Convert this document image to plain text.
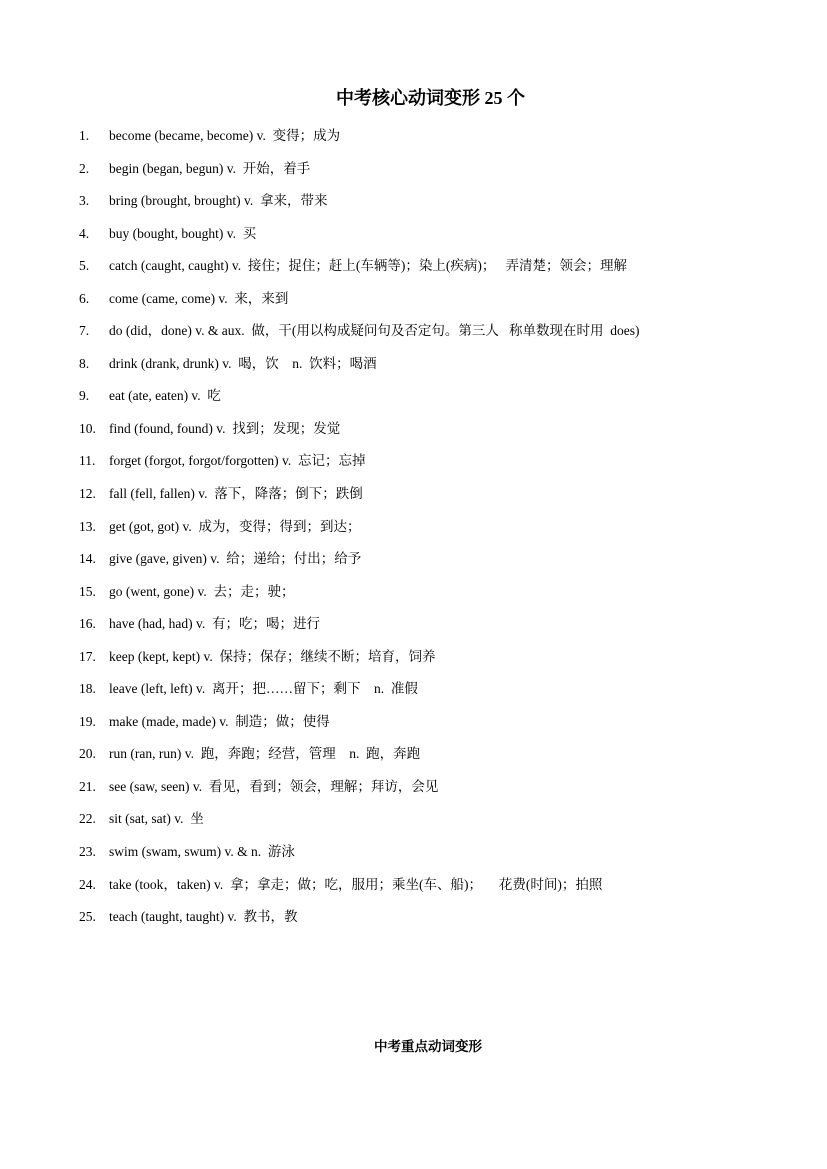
中考核心动词变形 25 个
1.	become (became, become) v.  变得；成为
2.	begin (began, begun) v.  开始，着手
3.	bring (brought, brought) v.  拿来，带来
4.	buy (bought, bought) v.  买
5.	catch (caught, caught) v.  接住；捉住；赶上(车辆等)；染上(疾病)；   弄清楚；领会；理解
6.	come (came, come) v.  来，来到
7.	do (did，done) v. & aux.  做，干(用以构成疑问句及否定句。第三人   称单数现在时用  does)
8.	drink (drank, drunk) v.  喝，饮    n.  饮料；喝酒
9.	eat (ate, eaten) v.  吃
10. find (found, found) v.  找到；发现；发觉
11.	forget (forgot, forgot/forgotten) v.  忘记；忘掉
12. fall (fell, fallen) v.  落下，降落；倒下；跌倒
13. get (got, got) v.  成为，变得；得到；到达；
14. give (gave, given) v.  给；递给；付出；给予
15. go (went, gone) v.  去；走；驶；
16. have (had, had) v.  有；吃；喝；进行
17. keep (kept, kept) v.  保持；保存；继续不断；培育，饲养
18. leave (left, left) v.  离开；把……留下；剩下    n.  准假
19. make (made, made) v.  制造；做；使得
20. run (ran, run) v.  跑，奔跑；经营，管理    n.  跑，奔跑
21. see (saw, seen) v.  看见，看到；领会，理解；拜访，会见
22. sit (sat, sat) v.  坐
23. swim (swam, swum) v. & n.  游泳
24. take (took，taken) v.  拿；拿走；做；吃，服用；乘坐(车、船)；     花费(时间)；拍照
25. teach (taught, taught) v.  教书，教
中考重点动词变形
